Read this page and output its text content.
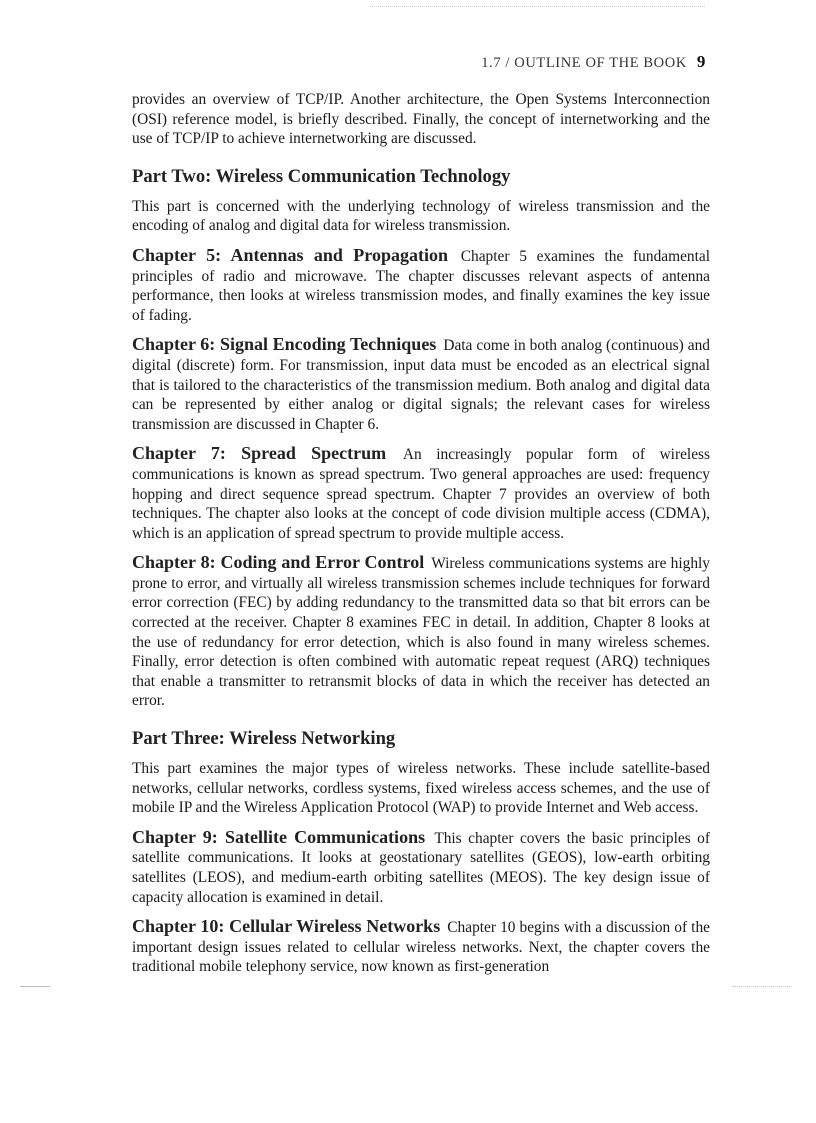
1.7 / OUTLINE OF THE BOOK 9

provides an overview of TCP/IP. Another architecture, the Open Systems Interconnection (OSI) reference model, is briefly described. Finally, the concept of internetworking and the use of TCP/IP to achieve internetworking are discussed.

Part Two: Wireless Communication Technology

This part is concerned with the underlying technology of wireless transmission and the encoding of analog and digital data for wireless transmission.

Chapter 5: Antennas and Propagation Chapter 5 examines the fundamental principles of radio and microwave. The chapter discusses relevant aspects of antenna performance, then looks at wireless transmission modes, and finally examines the key issue of fading.

Chapter 6: Signal Encoding Techniques Data come in both analog (continuous) and digital (discrete) form. For transmission, input data must be encoded as an electrical signal that is tailored to the characteristics of the transmission medium. Both analog and digital data can be represented by either analog or digital signals; the relevant cases for wireless transmission are discussed in Chapter 6.

Chapter 7: Spread Spectrum An increasingly popular form of wireless communications is known as spread spectrum. Two general approaches are used: frequency hopping and direct sequence spread spectrum. Chapter 7 provides an overview of both techniques. The chapter also looks at the concept of code division multiple access (CDMA), which is an application of spread spectrum to provide multiple access.

Chapter 8: Coding and Error Control Wireless communications systems are highly prone to error, and virtually all wireless transmission schemes include techniques for forward error correction (FEC) by adding redundancy to the transmitted data so that bit errors can be corrected at the receiver. Chapter 8 examines FEC in detail. In addition, Chapter 8 looks at the use of redundancy for error detection, which is also found in many wireless schemes. Finally, error detection is often combined with automatic repeat request (ARQ) techniques that enable a transmitter to retransmit blocks of data in which the receiver has detected an error.

Part Three: Wireless Networking

This part examines the major types of wireless networks. These include satellite-based networks, cellular networks, cordless systems, fixed wireless access schemes, and the use of mobile IP and the Wireless Application Protocol (WAP) to provide Internet and Web access.

Chapter 9: Satellite Communications This chapter covers the basic principles of satellite communications. It looks at geostationary satellites (GEOS), low-earth orbiting satellites (LEOS), and medium-earth orbiting satellites (MEOS). The key design issue of capacity allocation is examined in detail.

Chapter 10: Cellular Wireless Networks Chapter 10 begins with a discussion of the important design issues related to cellular wireless networks. Next, the chapter covers the traditional mobile telephony service, now known as first-generation
